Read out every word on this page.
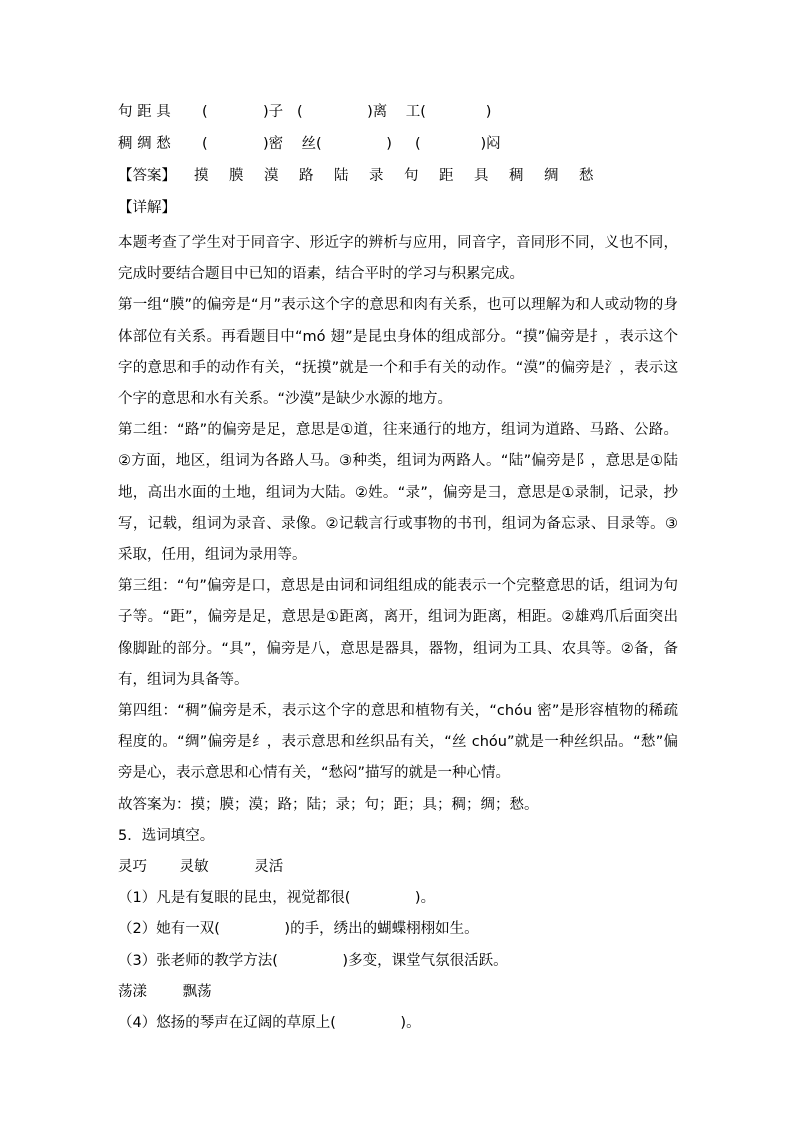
句 距 具	(            )子   (              )离    工(             )
稠 绸 愁	(            )密    丝(              )     (             )闷
【答案】	摸	膜	漠	路	陆	录	句	距	具	稠	绸	愁
【详解】

本题考查了学生对于同音字、形近字的辨析与应用，同音字，音同形不同，义也不同，完成时要结合题目中已知的语素，结合平时的学习与积累完成。

第一组“膜”的偏旁是“月”表示这个字的意思和肉有关系，也可以理解为和人或动物的身体部位有关系。再看题目中“mó 翅”是昆虫身体的组成部分。“摸”偏旁是扌，表示这个字的意思和手的动作有关，“抚摸”就是一个和手有关的动作。“漠”的偏旁是氵，表示这个字的意思和水有关系。“沙漠”是缺少水源的地方。

第二组：“路”的偏旁是足，意思是①道，往来通行的地方，组词为道路、马路、公路。②方面，地区，组词为各路人马。③种类，组词为两路人。“陆”偏旁是阝，意思是①陆地，高出水面的土地，组词为大陆。②姓。“录”，偏旁是彐，意思是①录制，记录，抄写，记载，组词为录音、录像。②记载言行或事物的书刊，组词为备忘录、目录等。③采取，任用，组词为录用等。

第三组：“句”偏旁是口，意思是由词和词组组成的能表示一个完整意思的话，组词为句子等。“距”，偏旁是足，意思是①距离，离开，组词为距离，相距。②雄鸡爪后面突出像脚趾的部分。“具”，偏旁是八，意思是器具，器物，组词为工具、农具等。②备，备有，组词为具备等。

第四组：“稠”偏旁是禾，表示这个字的意思和植物有关，“chóu 密”是形容植物的稀疏程度的。“绸”偏旁是纟，表示意思和丝织品有关，“丝 chóu”就是一种丝织品。“愁”偏旁是心，表示意思和心情有关，“愁闷”描写的就是一种心情。

故答案为：摸；膜；漠；路；陆；录；句；距；具；稠；绸；愁。

5．选词填空。

灵巧 灵敏	灵活

（1）凡是有复眼的昆虫，视觉都很(              )。

（2）她有一双(              )的手，绣出的蝴蝶栩栩如生。

（3）张老师的教学方法(              )多变，课堂气氛很活跃。

荡漾 飘荡

（4）悠扬的琴声在辽阔的草原上(              )。
